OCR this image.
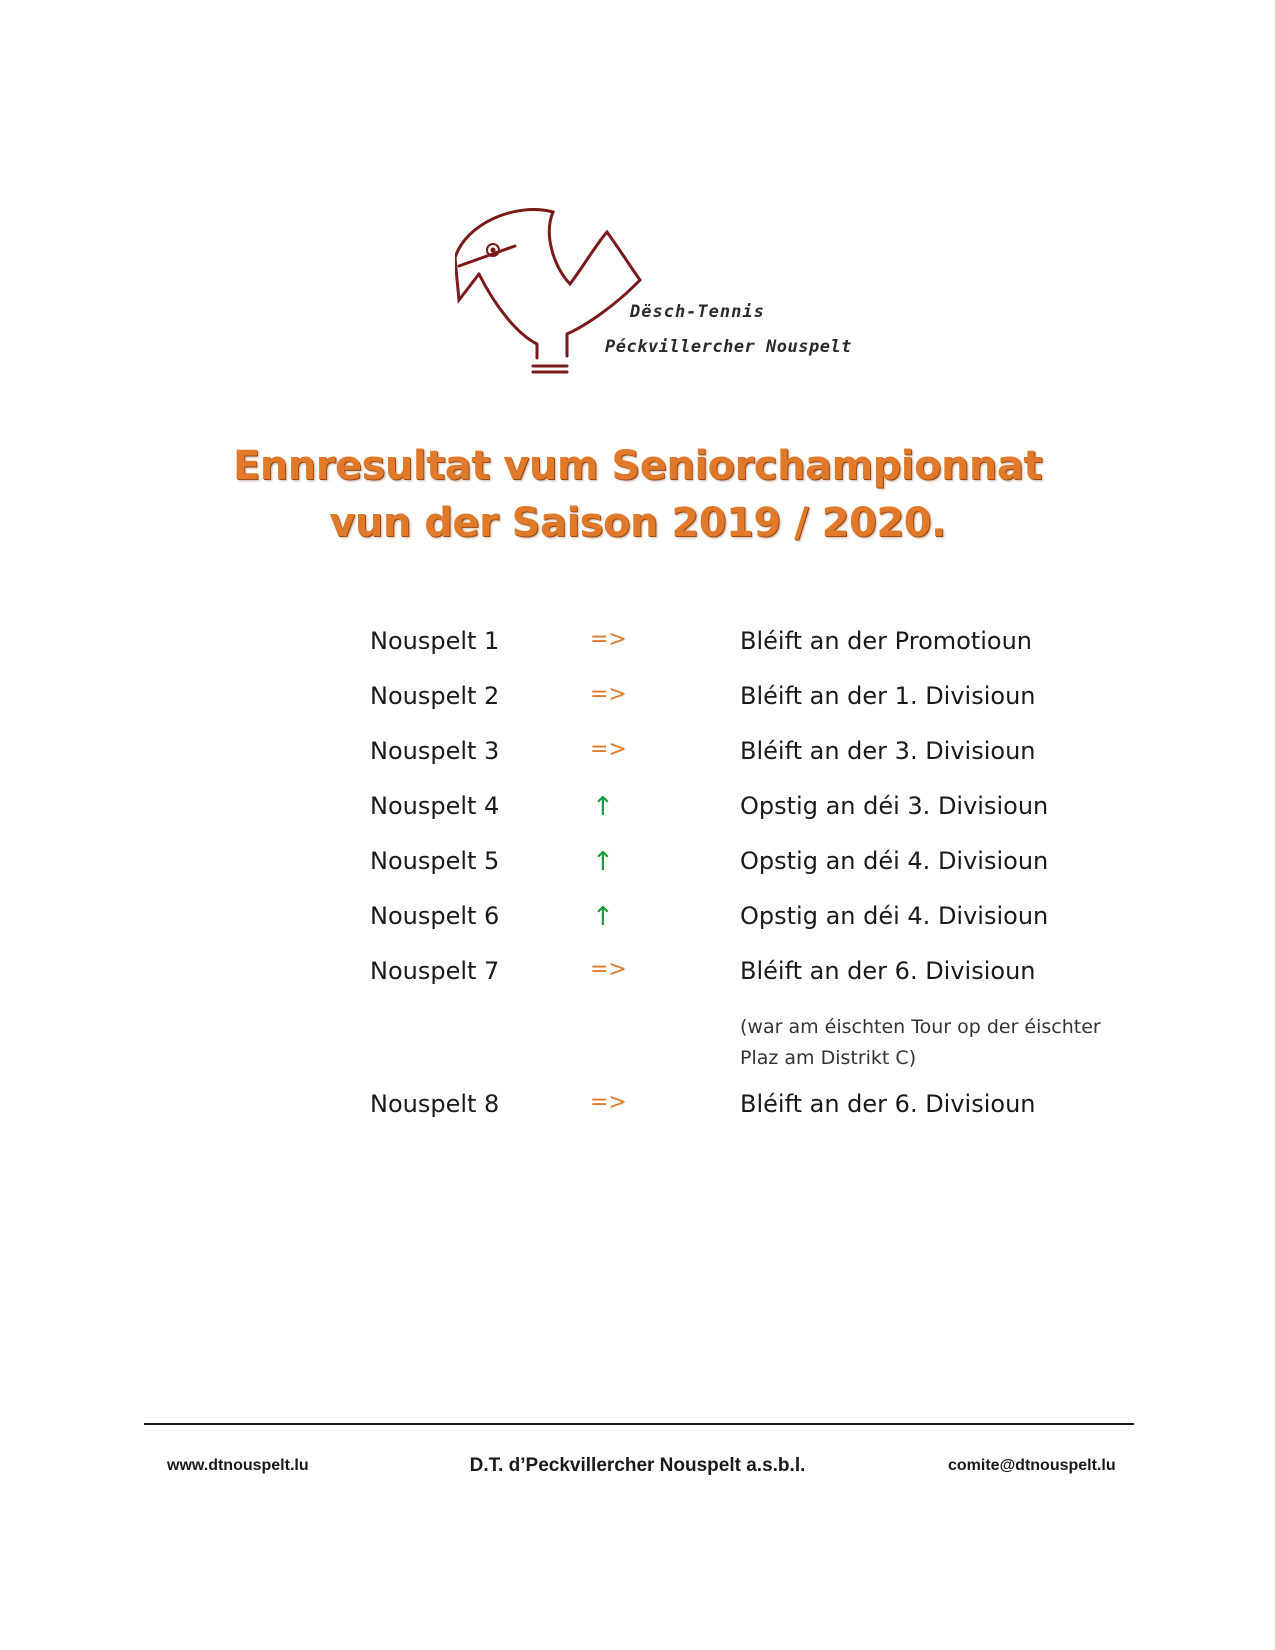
Dësch-Tennis
Péckvillercher Nouspelt
Ennresultat vum Seniorchampionnat
vun der Saison 2019 / 2020.
Nouspelt 1	=>	Bléift an der Promotioun
Nouspelt 2	=>	Bléift an der 1. Divisioun
Nouspelt 3	=>	Bléift an der 3. Divisioun
Nouspelt 4	↑	Opstig an déi 3. Divisioun
Nouspelt 5	↑	Opstig an déi 4. Divisioun
Nouspelt 6	↑	Opstig an déi 4. Divisioun
Nouspelt 7	=>	Bléift an der 6. Divisioun
(war am éischten Tour op der éischter
Plaz am Distrikt C)
Nouspelt 8	=>	Bléift an der 6. Divisioun
www.dtnouspelt.lu	D.T. d’Peckvillercher Nouspelt a.s.b.l.	comite@dtnouspelt.lu
